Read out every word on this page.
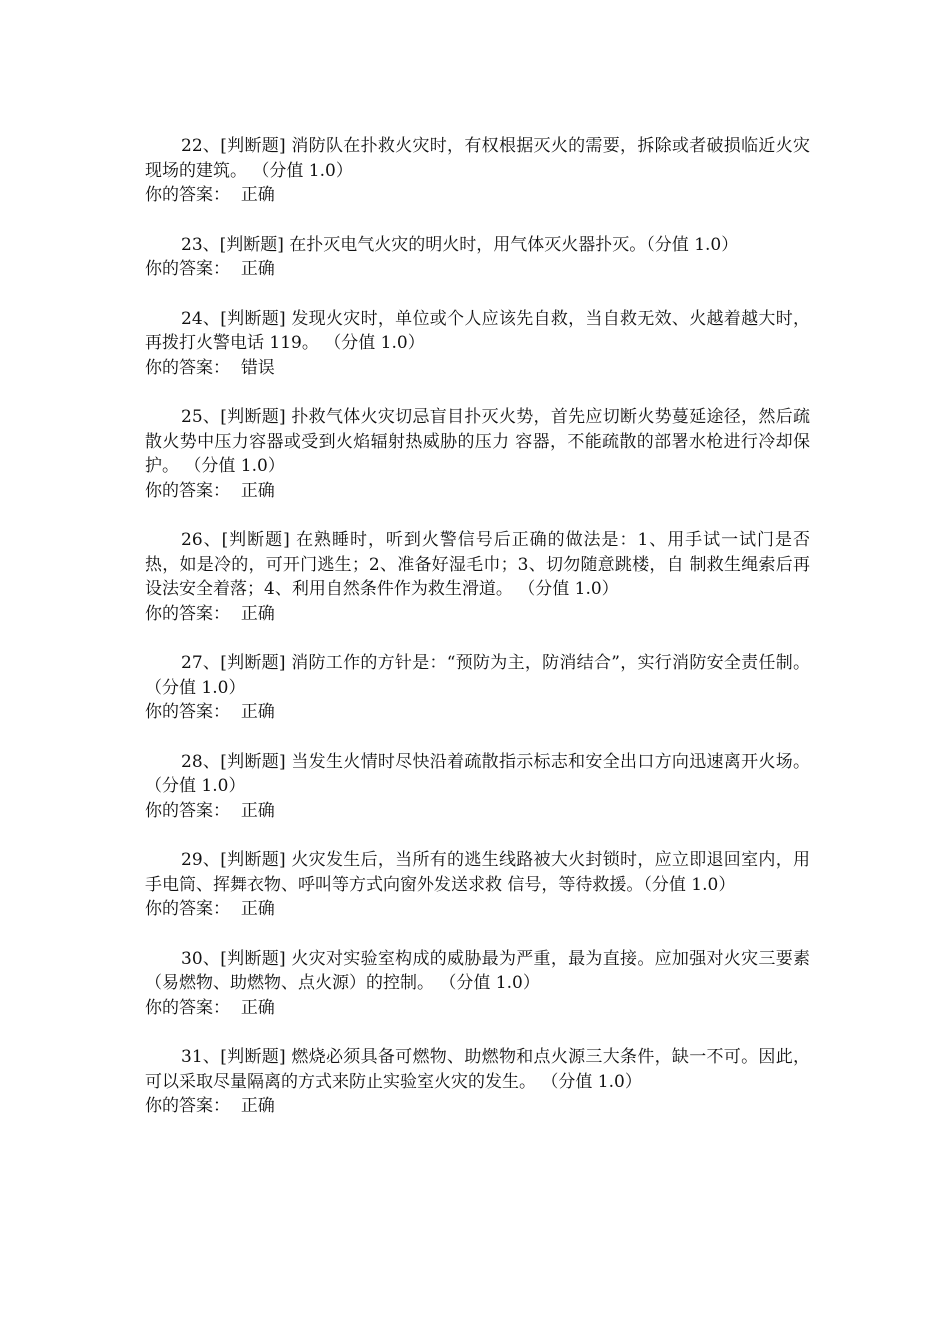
22、[判断题] 消防队在扑救火灾时，有权根据灭火的需要，拆除或者破损临近火灾现场的建筑。 （分值 1.0）

你的答案： 正确

23、[判断题] 在扑灭电气火灾的明火时，用气体灭火器扑灭。（分值 1.0）

你的答案： 正确

24、[判断题] 发现火灾时，单位或个人应该先自救，当自救无效、火越着越大时，再拨打火警电话 119。 （分值 1.0）

你的答案： 错误

25、[判断题] 扑救气体火灾切忌盲目扑灭火势，首先应切断火势蔓延途径，然后疏散火势中压力容器或受到火焰辐射热威胁的压力 容器，不能疏散的部署水枪进行冷却保护。 （分值 1.0）

你的答案： 正确

26、[判断题] 在熟睡时，听到火警信号后正确的做法是：1、用手试一试门是否热，如是冷的，可开门逃生；2、准备好湿毛巾；3、切勿随意跳楼，自 制救生绳索后再设法安全着落；4、利用自然条件作为救生滑道。 （分值 1.0）

你的答案： 正确

27、[判断题] 消防工作的方针是：“预防为主，防消结合”，实行消防安全责任制。 （分值 1.0）

你的答案： 正确

28、[判断题] 当发生火情时尽快沿着疏散指示标志和安全出口方向迅速离开火场。 （分值 1.0）

你的答案： 正确

29、[判断题] 火灾发生后，当所有的逃生线路被大火封锁时，应立即退回室内，用手电筒、挥舞衣物、呼叫等方式向窗外发送求救 信号，等待救援。（分值 1.0）

你的答案： 正确

30、[判断题] 火灾对实验室构成的威胁最为严重，最为直接。应加强对火灾三要素（易燃物、助燃物、点火源）的控制。 （分值 1.0）

你的答案： 正确

31、[判断题] 燃烧必须具备可燃物、助燃物和点火源三大条件，缺一不可。因此，可以采取尽量隔离的方式来防止实验室火灾的发生。 （分值 1.0）

你的答案： 正确
